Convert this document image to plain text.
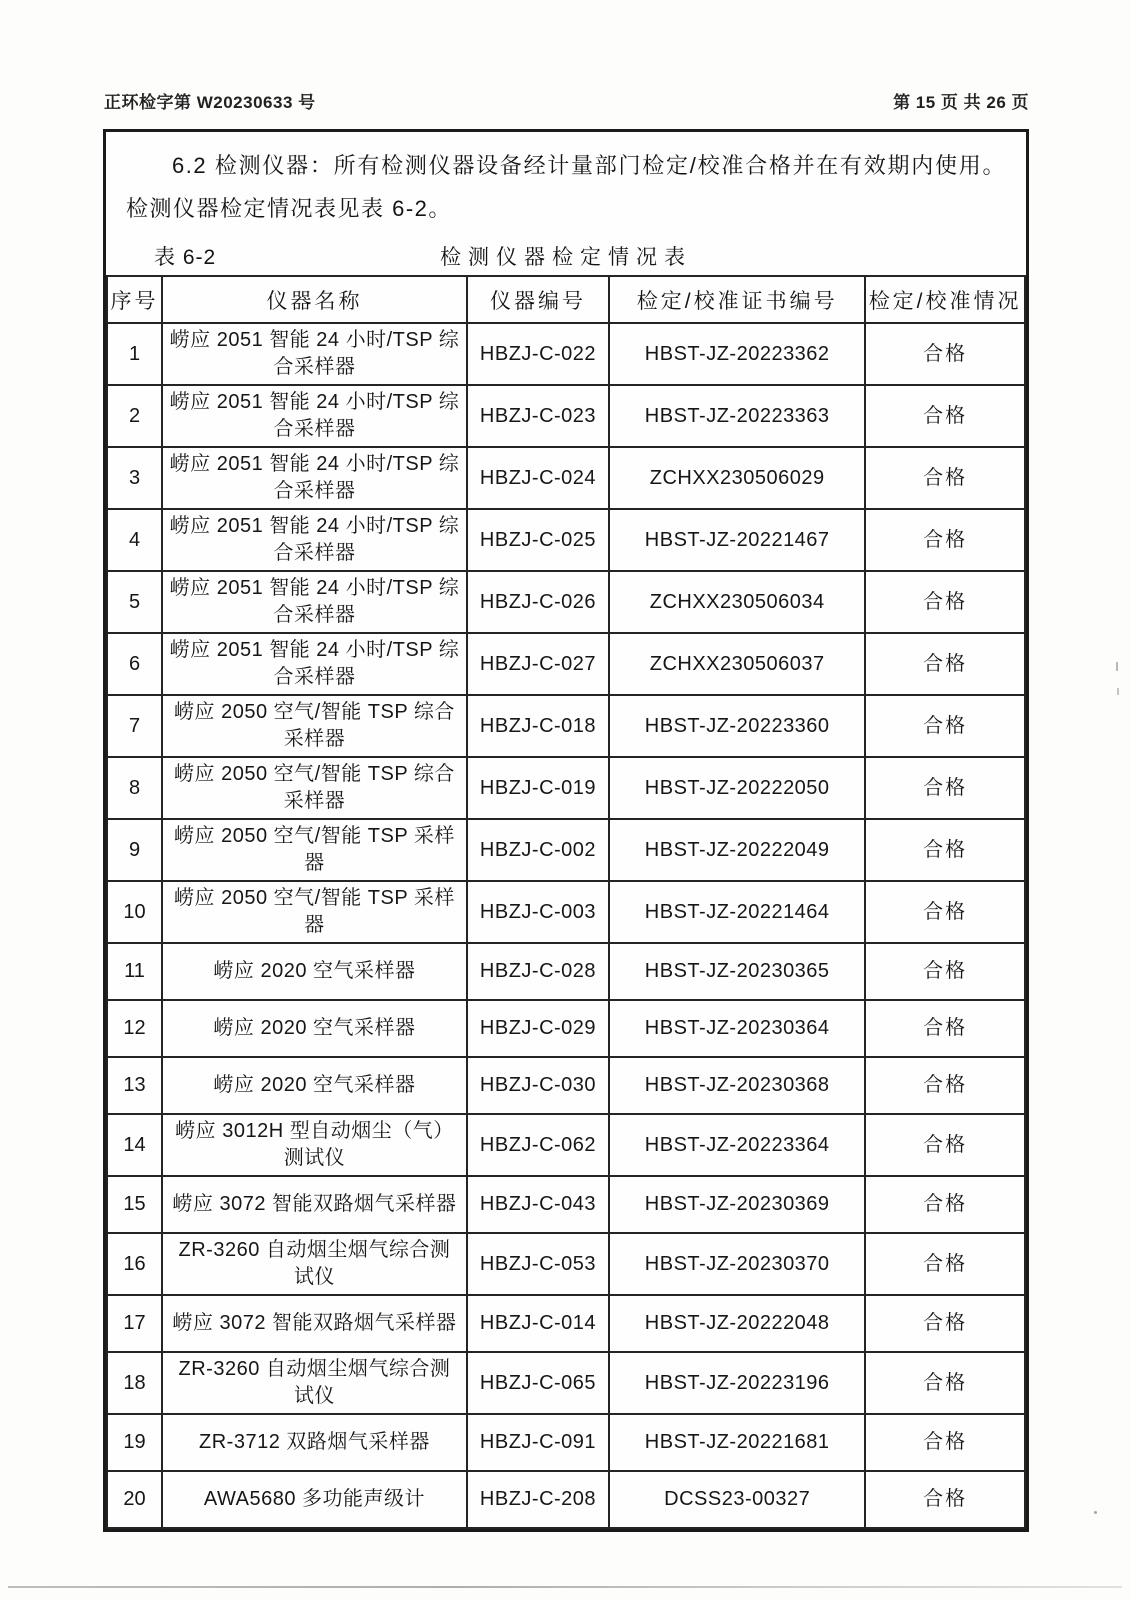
正环检字第 W20230633 号	第 15 页 共 26 页

6.2 检测仪器：所有检测仪器设备经计量部门检定/校准合格并在有效期内使用。检测仪器检定情况表见表 6-2。

表 6-2	检测仪器检定情况表
序号	仪器名称	仪器编号	检定/校准证书编号	检定/校准情况
1	崂应 2051 智能 24 小时/TSP 综合采样器	HBZJ-C-022	HBST-JZ-20223362	合格
2	崂应 2051 智能 24 小时/TSP 综合采样器	HBZJ-C-023	HBST-JZ-20223363	合格
3	崂应 2051 智能 24 小时/TSP 综合采样器	HBZJ-C-024	ZCHXX230506029	合格
4	崂应 2051 智能 24 小时/TSP 综合采样器	HBZJ-C-025	HBST-JZ-20221467	合格
5	崂应 2051 智能 24 小时/TSP 综合采样器	HBZJ-C-026	ZCHXX230506034	合格
6	崂应 2051 智能 24 小时/TSP 综合采样器	HBZJ-C-027	ZCHXX230506037	合格
7	崂应 2050 空气/智能 TSP 综合采样器	HBZJ-C-018	HBST-JZ-20223360	合格
8	崂应 2050 空气/智能 TSP 综合采样器	HBZJ-C-019	HBST-JZ-20222050	合格
9	崂应 2050 空气/智能 TSP 采样器	HBZJ-C-002	HBST-JZ-20222049	合格
10	崂应 2050 空气/智能 TSP 采样器	HBZJ-C-003	HBST-JZ-20221464	合格
11	崂应 2020 空气采样器	HBZJ-C-028	HBST-JZ-20230365	合格
12	崂应 2020 空气采样器	HBZJ-C-029	HBST-JZ-20230364	合格
13	崂应 2020 空气采样器	HBZJ-C-030	HBST-JZ-20230368	合格
14	崂应 3012H 型自动烟尘（气）测试仪	HBZJ-C-062	HBST-JZ-20223364	合格
15	崂应 3072 智能双路烟气采样器	HBZJ-C-043	HBST-JZ-20230369	合格
16	ZR-3260 自动烟尘烟气综合测试仪	HBZJ-C-053	HBST-JZ-20230370	合格
17	崂应 3072 智能双路烟气采样器	HBZJ-C-014	HBST-JZ-20222048	合格
18	ZR-3260 自动烟尘烟气综合测试仪	HBZJ-C-065	HBST-JZ-20223196	合格
19	ZR-3712 双路烟气采样器	HBZJ-C-091	HBST-JZ-20221681	合格
20	AWA5680 多功能声级计	HBZJ-C-208	DCSS23-00327	合格
